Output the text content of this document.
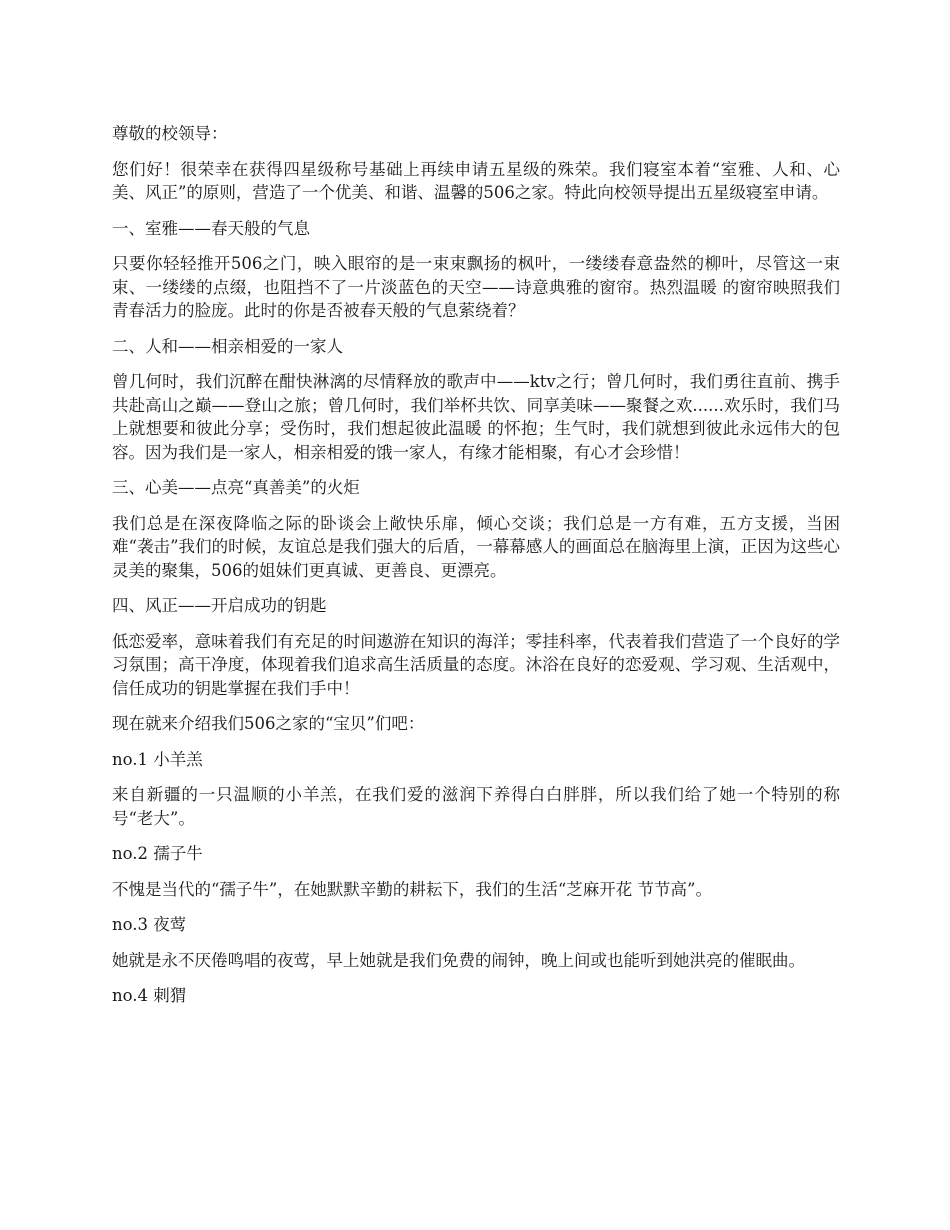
尊敬的校领导：

您们好！很荣幸在获得四星级称号基础上再续申请五星级的殊荣。我们寝室本着“室雅、人和、心美、风正”的原则，营造了一个优美、和谐、温馨的506之家。特此向校领导提出五星级寝室申请。

一、室雅——春天般的气息

只要你轻轻推开506之门，映入眼帘的是一束束飘扬的枫叶，一缕缕春意盎然的柳叶，尽管这一束束、一缕缕的点缀，也阻挡不了一片淡蓝色的天空——诗意典雅的窗帘。热烈温暖 的窗帘映照我们青春活力的脸庞。此时的你是否被春天般的气息萦绕着？

二、人和——相亲相爱的一家人

曾几何时，我们沉醉在酣快淋漓的尽情释放的歌声中——ktv之行；曾几何时，我们勇往直前、携手共赴高山之巅——登山之旅；曾几何时，我们举杯共饮、同享美味——聚餐之欢......欢乐时，我们马上就想要和彼此分享；受伤时，我们想起彼此温暖 的怀抱；生气时，我们就想到彼此永远伟大的包容。因为我们是一家人，相亲相爱的饿一家人，有缘才能相聚，有心才会珍惜！

三、心美——点亮“真善美”的火炬

我们总是在深夜降临之际的卧谈会上敞快乐扉，倾心交谈；我们总是一方有难，五方支援，当困难“袭击”我们的时候，友谊总是我们强大的后盾，一幕幕感人的画面总在脑海里上演，正因为这些心灵美的聚集，506的姐妹们更真诚、更善良、更漂亮。

四、风正——开启成功的钥匙

低恋爱率，意味着我们有充足的时间遨游在知识的海洋；零挂科率，代表着我们营造了一个良好的学习氛围；高干净度，体现着我们追求高生活质量的态度。沐浴在良好的恋爱观、学习观、生活观中，信任成功的钥匙掌握在我们手中！

现在就来介绍我们506之家的“宝贝”们吧：

no.1 小羊羔

来自新疆的一只温顺的小羊羔，在我们爱的滋润下养得白白胖胖，所以我们给了她一个特别的称号“老大”。

no.2 孺子牛

不愧是当代的“孺子牛”，在她默默辛勤的耕耘下，我们的生活“芝麻开花 节节高”。

no.3 夜莺

她就是永不厌倦鸣唱的夜莺，早上她就是我们免费的闹钟，晚上间或也能听到她洪亮的催眠曲。

no.4 刺猬
